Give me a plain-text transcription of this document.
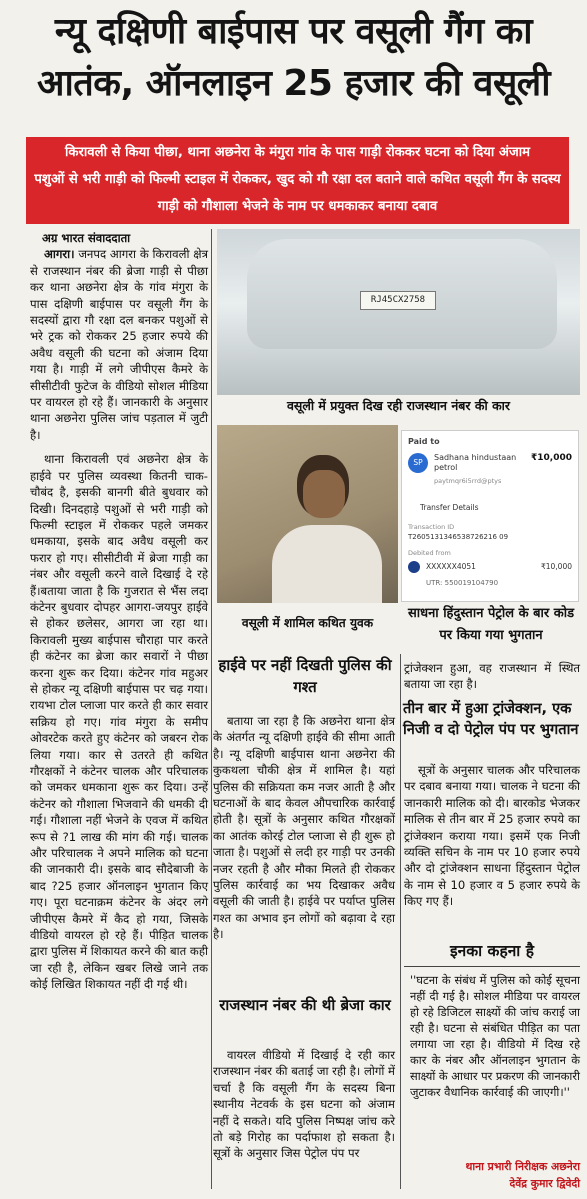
न्यू दक्षिणी बाईपास पर वसूली गैंग का
आतंक, ऑनलाइन 25 हजार की वसूली
किरावली से किया पीछा, थाना अछनेरा के मंगुरा गांव के पास गाड़ी रोककर घटना को दिया अंजाम
पशुओं से भरी गाड़ी को फिल्मी स्टाइल में रोककर, खुद को गौ रक्षा दल बताने वाले कथित वसूली गैंग के सदस्य
गाड़ी को गौशाला भेजने के नाम पर धमकाकर बनाया दबाव
अग्र भारत संवाददाता

आगरा। जनपद आगरा के किरावली क्षेत्र से राजस्थान नंबर की ब्रेजा गाड़ी से पीछा कर थाना अछनेरा क्षेत्र के गांव मंगुरा के पास दक्षिणी बाईपास पर वसूली गैंग के सदस्यों द्वारा गौ रक्षा दल बनकर पशुओं से भरे ट्रक को रोककर 25 हजार रुपये की अवैध वसूली की घटना को अंजाम दिया गया है। गाड़ी में लगे जीपीएस कैमरे के सीसीटीवी फुटेज के वीडियो सोशल मीडिया पर वायरल हो रहे हैं। जानकारी के अनुसार थाना अछनेरा पुलिस जांच पड़ताल में जुटी है।

थाना किरावली एवं अछनेरा क्षेत्र के हाईवे पर पुलिस व्यवस्था कितनी चाक-चौबंद है, इसकी बानगी बीते बुधवार को दिखी। दिनदहाड़े पशुओं से भरी गाड़ी को फिल्मी स्टाइल में रोककर पहले जमकर धमकाया, इसके बाद अवैध वसूली कर फरार हो गए। सीसीटीवी में ब्रेजा गाड़ी का नंबर और वसूली करने वाले दिखाई दे रहे हैं।बताया जाता है कि गुजरात से भैंस लदा कंटेनर बुधवार दोपहर आगरा-जयपुर हाईवे से होकर छलेसर, आगरा जा रहा था। किरावली मुख्य बाईपास चौराहा पार करते ही कंटेनर का ब्रेजा कार सवारों ने पीछा करना शुरू कर दिया। कंटेनर गांव महुअर से होकर न्यू दक्षिणी बाईपास पर चढ़ गया। रायभा टोल प्लाजा पार करते ही कार सवार सक्रिय हो गए। गांव मंगुरा के समीप ओवरटेक करते हुए कंटेनर को जबरन रोक लिया गया। कार से उतरते ही कथित गौरक्षकों ने कंटेनर चालक और परिचालक को जमकर धमकाना शुरू कर दिया। उन्हें कंटेनर को गौशाला भिजवाने की धमकी दी गई। गौशाला नहीं भेजने के एवज में कथित रूप से ?1 लाख की मांग की गई। चालक और परिचालक ने अपने मालिक को घटना की जानकारी दी। इसके बाद सौदेबाजी के बाद ?25 हजार ऑनलाइन भुगतान किए गए। पूरा घटनाक्रम कंटेनर के अंदर लगे जीपीएस कैमरे में कैद हो गया, जिसके वीडियो वायरल हो रहे हैं। पीड़ित चालक द्वारा पुलिस में शिकायत करने की बात कही जा रही है, लेकिन खबर लिखे जाने तक कोई लिखित शिकायत नहीं दी गई थी।

RJ45CX2758
वसूली में प्रयुक्त दिख रही राजस्थान नंबर की कार
वसूली में शामिल कथित युवक
Paid to
SP
Sadhana hindustaan petrol
paytmqr6i5rrd@ptys
₹10,000
Transfer Details
Transaction ID
T2605131346538726216 09
Debited from
XXXXXX4051	₹10,000
UTR: 550019104790
साधना हिंदुस्तान पेट्रोल के बार कोड पर किया गया भुगतान
हाईवे पर नहीं दिखती पुलिस की गश्त

बताया जा रहा है कि अछनेरा थाना क्षेत्र के अंतर्गत न्यू दक्षिणी हाईवे की सीमा आती है। न्यू दक्षिणी बाईपास थाना अछनेरा की कुकथला चौकी क्षेत्र में शामिल है। यहां पुलिस की सक्रियता कम नजर आती है और घटनाओं के बाद केवल औपचारिक कार्रवाई होती है। सूत्रों के अनुसार कथित गौरक्षकों का आतंक कोरई टोल प्लाजा से ही शुरू हो जाता है। पशुओं से लदी हर गाड़ी पर उनकी नजर रहती है और मौका मिलते ही रोककर पुलिस कार्रवाई का भय दिखाकर अवैध वसूली की जाती है। हाईवे पर पर्याप्त पुलिस गश्त का अभाव इन लोगों को बढ़ावा दे रहा है।

राजस्थान नंबर की थी ब्रेजा कार

वायरल वीडियो में दिखाई दे रही कार राजस्थान नंबर की बताई जा रही है। लोगों में चर्चा है कि वसूली गैंग के सदस्य बिना स्थानीय नेटवर्क के इस घटना को अंजाम नहीं दे सकते। यदि पुलिस निष्पक्ष जांच करे तो बड़े गिरोह का पर्दाफाश हो सकता है। सूत्रों के अनुसार जिस पेट्रोल पंप पर

ट्रांजेक्शन हुआ, वह राजस्थान में स्थित बताया जा रहा है।

तीन बार में हुआ ट्रांजेक्शन, एक निजी व दो पेट्रोल पंप पर भुगतान

सूत्रों के अनुसार चालक और परिचालक पर दबाव बनाया गया। चालक ने घटना की जानकारी मालिक को दी। बारकोड भेजकर मालिक से तीन बार में 25 हजार रुपये का ट्रांजेक्शन कराया गया। इसमें एक निजी व्यक्ति सचिन के नाम पर 10 हजार रुपये और दो ट्रांजेक्शन साधना हिंदुस्तान पेट्रोल के नाम से 10 हजार व 5 हजार रुपये के किए गए हैं।

इनका कहना है
''घटना के संबंध में पुलिस को कोई सूचना नहीं दी गई है। सोशल मीडिया पर वायरल हो रहे डिजिटल साक्ष्यों की जांच कराई जा रही है। घटना से संबंधित पीड़ित का पता लगाया जा रहा है। वीडियो में दिख रहे कार के नंबर और ऑनलाइन भुगतान के साक्ष्यों के आधार पर प्रकरण की जानकारी जुटाकर वैधानिक कार्रवाई की जाएगी।''
थाना प्रभारी निरीक्षक अछनेरा
देवेंद्र कुमार द्विवेदी
